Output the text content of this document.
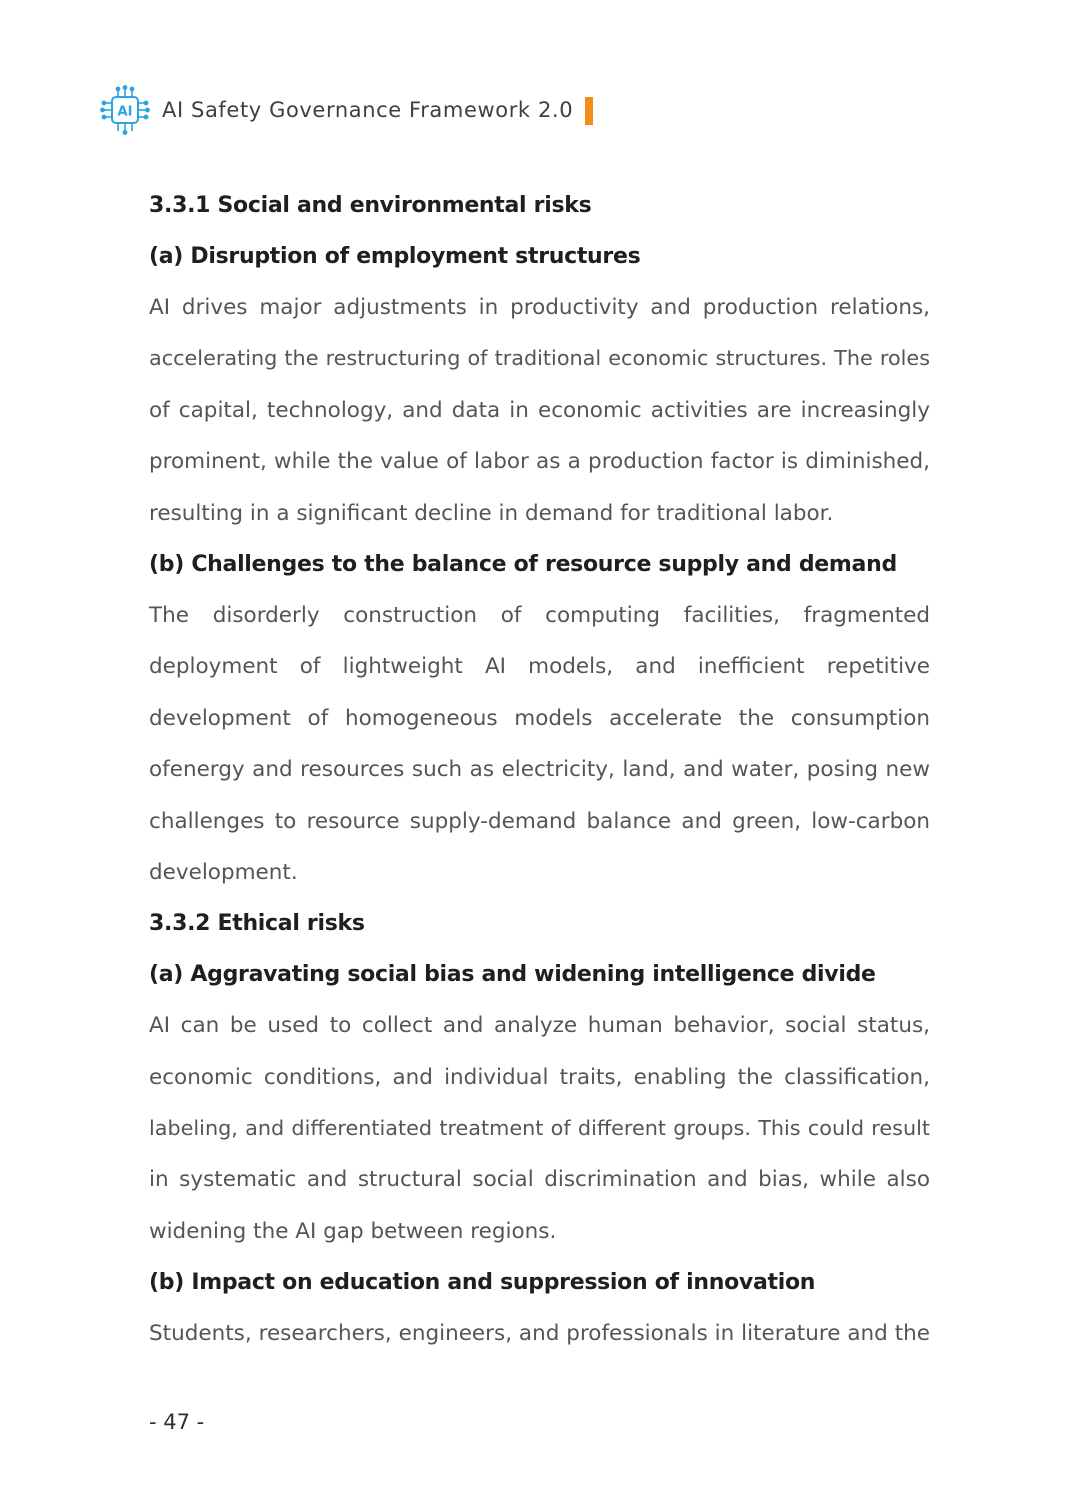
AI AI Safety Governance Framework 2.0
3.3.1 Social and environmental risks
(a) Disruption of employment structures
AI drives major adjustments in productivity and production relations,
accelerating the restructuring of traditional economic structures. The roles
of capital, technology, and data in economic activities are increasingly
prominent, while the value of labor as a production factor is diminished,
resulting in a significant decline in demand for traditional labor.
(b) Challenges to the balance of resource supply and demand
The disorderly construction of computing facilities, fragmented
deployment of lightweight AI models, and inefficient repetitive
development of homogeneous models accelerate the consumption
ofenergy and resources such as electricity, land, and water, posing new
challenges to resource supply-demand balance and green, low-carbon
development.
3.3.2 Ethical risks
(a) Aggravating social bias and widening intelligence divide
AI can be used to collect and analyze human behavior, social status,
economic conditions, and individual traits, enabling the classification,
labeling, and differentiated treatment of different groups. This could result
in systematic and structural social discrimination and bias, while also
widening the AI gap between regions.
(b) Impact on education and suppression of innovation
Students, researchers, engineers, and professionals in literature and the
- 47 -
